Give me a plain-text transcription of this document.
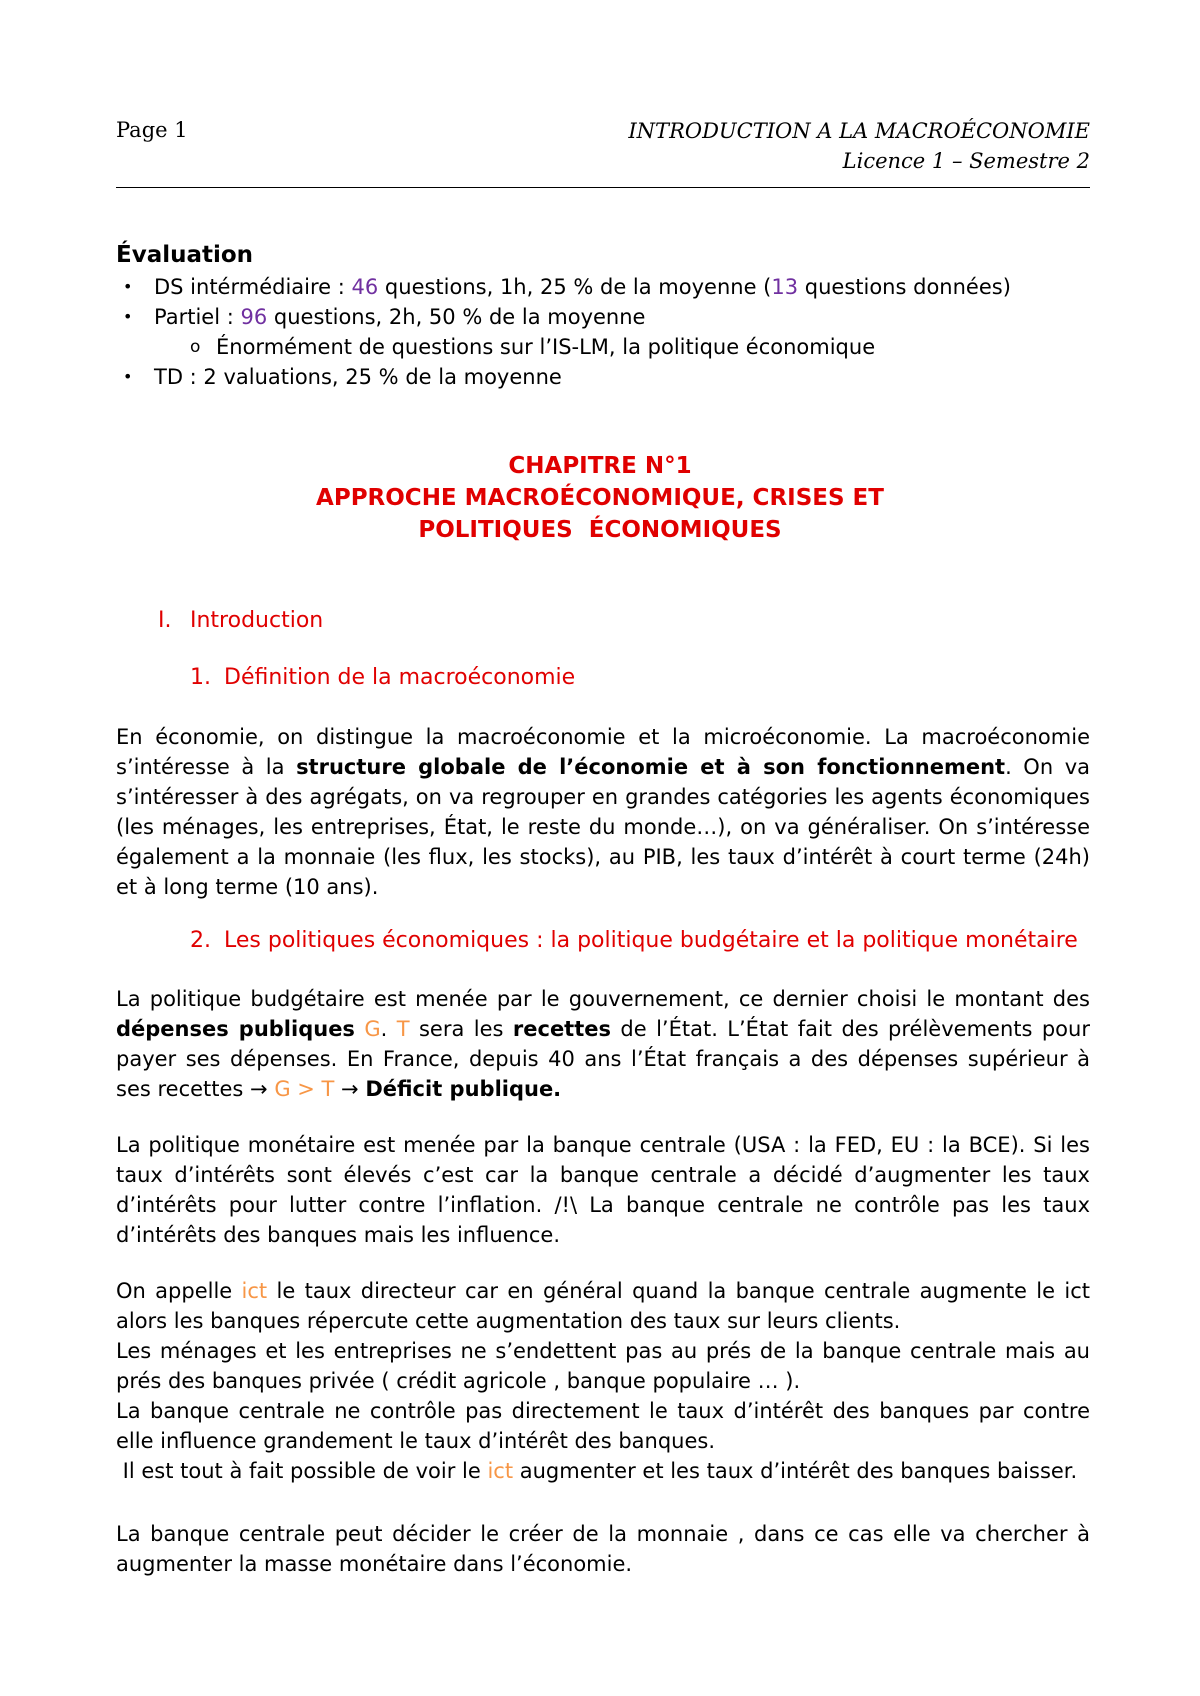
Page 1	INTRODUCTION A LA MACROÉCONOMIE
Licence 1 – Semestre 2
Évaluation
• DS intérmédiaire : 46 questions, 1h, 25 % de la moyenne (13 questions données)
• Partiel : 96 questions, 2h, 50 % de la moyenne
o Énormément de questions sur l’IS-LM, la politique économique
• TD : 2 valuations, 25 % de la moyenne
CHAPITRE N°1
APPROCHE MACROÉCONOMIQUE, CRISES ET
POLITIQUES  ÉCONOMIQUES
I. Introduction
1. Définition de la macroéconomie
En économie, on distingue la macroéconomie et la microéconomie. La macroéconomie s’intéresse à la structure globale de l’économie et à son fonctionnement. On va s’intéresser à des agrégats, on va regrouper en grandes catégories les agents économiques (les ménages, les entreprises, État, le reste du monde…), on va généraliser. On s’intéresse également a la monnaie (les flux, les stocks), au PIB, les taux d’intérêt à court terme (24h) et à long terme (10 ans).
2. Les politiques économiques : la politique budgétaire et la politique monétaire
La politique budgétaire est menée par le gouvernement, ce dernier choisi le montant des dépenses publiques G. T sera les recettes de l’État. L’État fait des prélèvements pour payer ses dépenses. En France, depuis 40 ans l’État français a des dépenses supérieur à ses recettes → G > T → Déficit publique.
La politique monétaire est menée par la banque centrale (USA : la FED, EU : la BCE). Si les taux d’intérêts sont élevés c’est car la banque centrale a décidé d’augmenter les taux d’intérêts pour lutter contre l’inflation. /!\ La banque centrale ne contrôle pas les taux d’intérêts des banques mais les influence.
On appelle ict le taux directeur car en général quand la banque centrale augmente le ict alors les banques répercute cette augmentation des taux sur leurs clients.
Les ménages et les entreprises ne s’endettent pas au prés de la banque centrale mais au prés des banques privée ( crédit agricole , banque populaire … ).
La banque centrale ne contrôle pas directement le taux d’intérêt des banques par contre elle influence grandement le taux d’intérêt des banques.
Il est tout à fait possible de voir le ict augmenter et les taux d’intérêt des banques baisser.
La banque centrale peut décider le créer de la monnaie , dans ce cas elle va chercher à augmenter la masse monétaire dans l’économie.
